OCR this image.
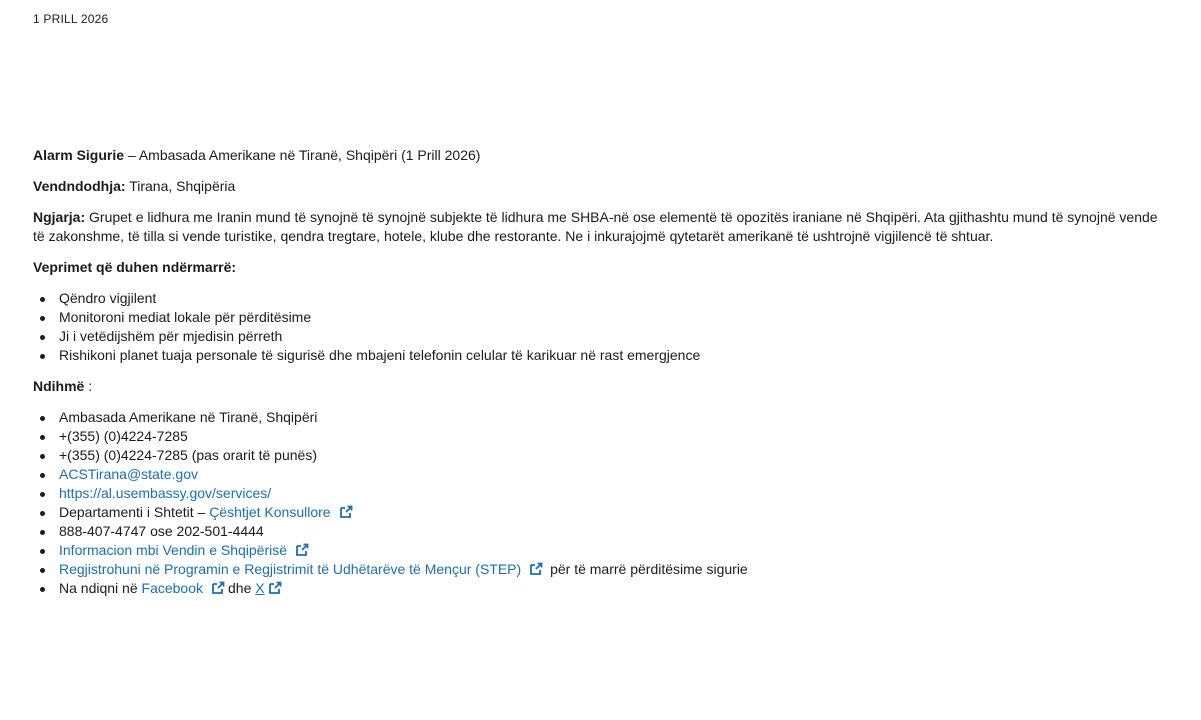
1 PRILL 2026

Alarm Sigurie – Ambasada Amerikane në Tiranë, Shqipëri (1 Prill 2026)

Vendndodhja: Tirana, Shqipëria

Ngjarja: Grupet e lidhura me Iranin mund të synojnë të synojnë subjekte të lidhura me SHBA-në ose elementë të opozitës iraniane në Shqipëri. Ata gjithashtu mund të synojnë vende të zakonshme, të tilla si vende turistike, qendra tregtare, hotele, klube dhe restorante. Ne i inkurajojmë qytetarët amerikanë të ushtrojnë vigjilencë të shtuar.

Veprimet që duhen ndërmarrë:

Qëndro vigjilent
Monitoroni mediat lokale për përditësime
Ji i vetëdijshëm për mjedisin përreth
Rishikoni planet tuaja personale të sigurisë dhe mbajeni telefonin celular të karikuar në rast emergjence

Ndihmë :

Ambasada Amerikane në Tiranë, Shqipëri
+(355) (0)4224-7285
+(355) (0)4224-7285 (pas orarit të punës)
ACSTirana@state.gov
https://al.usembassy.gov/services/
Departamenti i Shtetit – Çështjet Konsullore
888-407-4747 ose 202-501-4444
Informacion mbi Vendin e Shqipërisë
Regjistrohuni në Programin e Regjistrimit të Udhëtarëve të Mençur (STEP)
për të marrë përditësime sigurie
Na ndiqni në Facebook dhe X
